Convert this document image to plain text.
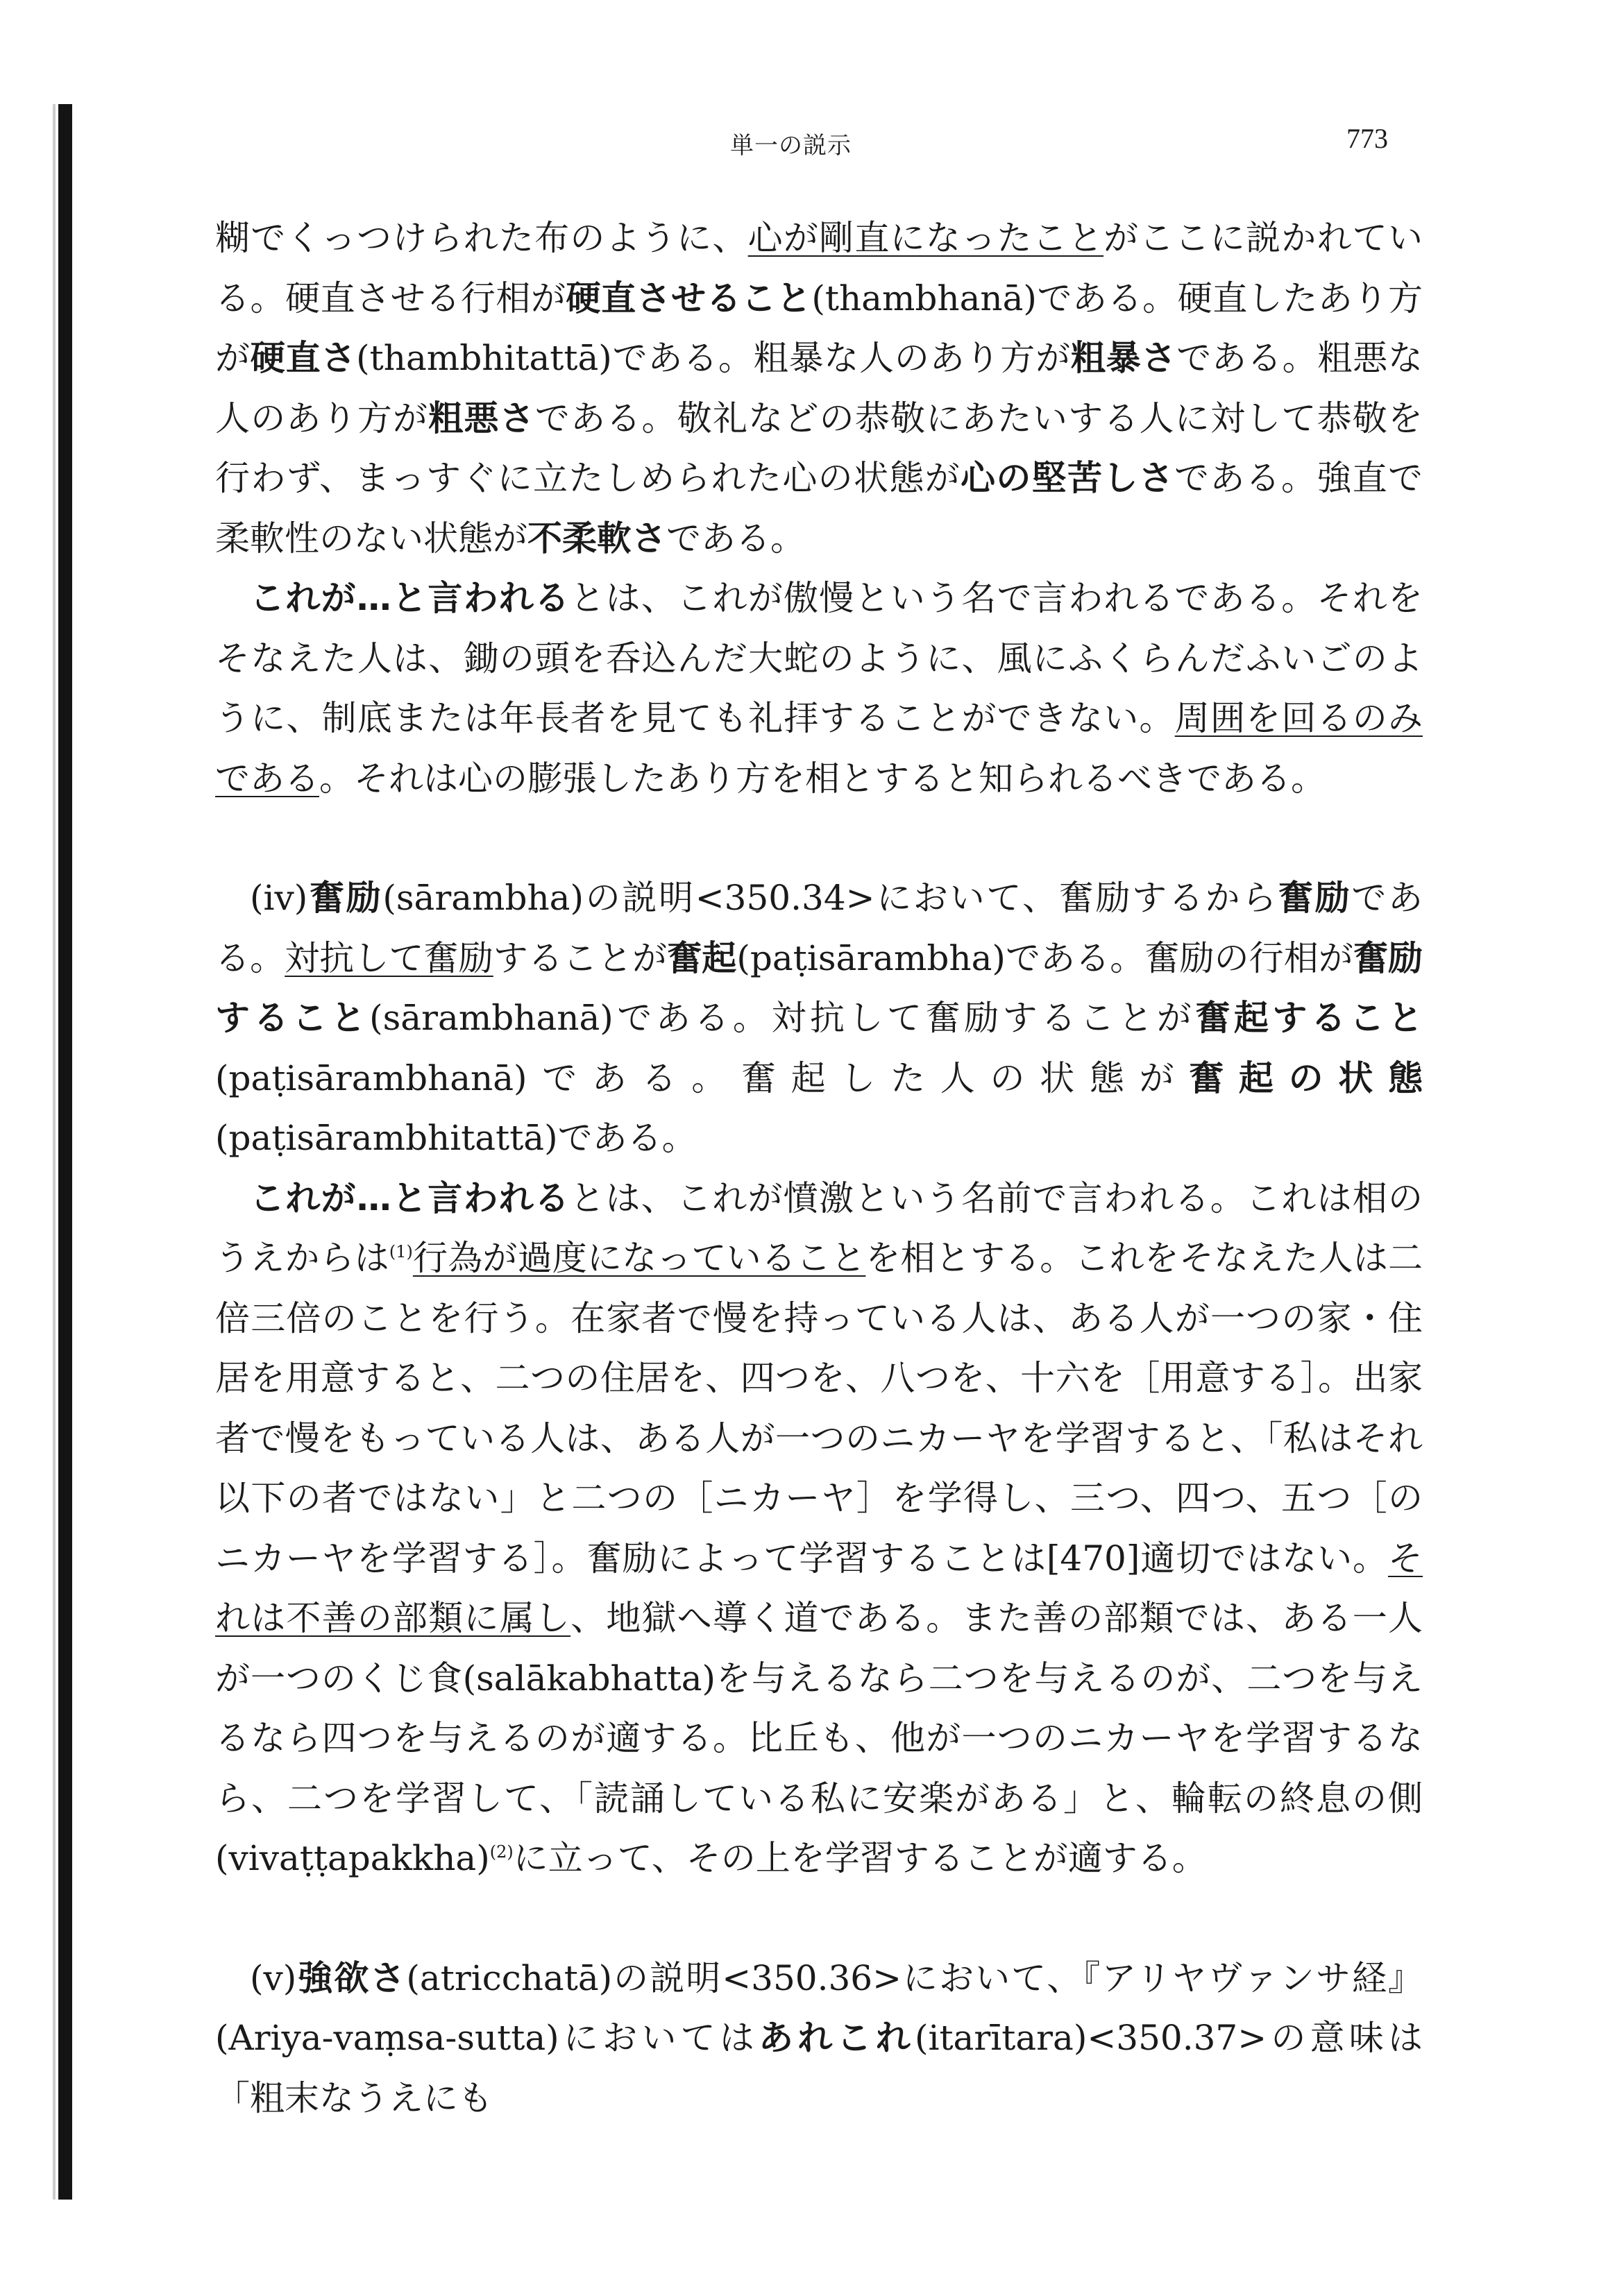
単一の説示	773

糊でくっつけられた布のように、心が剛直になったことがここに説かれている。硬直させる行相が硬直させること(thambhanā)である。硬直したあり方が硬直さ(thambhitattā)である。粗暴な人のあり方が粗暴さである。粗悪な人のあり方が粗悪さである。敬礼などの恭敬にあたいする人に対して恭敬を行わず、まっすぐに立たしめられた心の状態が心の堅苦しさである。強直で柔軟性のない状態が不柔軟さである。

これが…と言われるとは、これが傲慢という名で言われるである。それをそなえた人は、鋤の頭を呑込んだ大蛇のように、風にふくらんだふいごのように、制底または年長者を見ても礼拝することができない。周囲を回るのみである。それは心の膨張したあり方を相とすると知られるべきである。

(iv)奮励(sārambha)の説明<350.34>において、奮励するから奮励である。対抗して奮励することが奮起(paṭisārambha)である。奮励の行相が奮励すること(sārambhanā)である。対抗して奮励することが奮起すること(paṭisārambhanā)である。奮起した人の状態が奮起の状態(paṭisārambhitattā)である。

これが…と言われるとは、これが憤激という名前で言われる。これは相のうえからは$^{(1)}$行為が過度になっていることを相とする。これをそなえた人は二倍三倍のことを行う。在家者で慢を持っている人は、ある人が一つの家・住居を用意すると、二つの住居を、四つを、八つを、十六を［用意する］。出家者で慢をもっている人は、ある人が一つのニカーヤを学習すると、「私はそれ以下の者ではない」と二つの［ニカーヤ］を学得し、三つ、四つ、五つ［のニカーヤを学習する］。奮励によって学習することは[470]適切ではない。それは不善の部類に属し、地獄へ導く道である。また善の部類では、ある一人が一つのくじ食(salākabhatta)を与えるなら二つを与えるのが、二つを与えるなら四つを与えるのが適する。比丘も、他が一つのニカーヤを学習するなら、二つを学習して、「読誦している私に安楽がある」と、輪転の終息の側(vivaṭṭapakkha)$^{(2)}$に立って、その上を学習することが適する。

(v)強欲さ(atricchatā)の説明<350.36>において、『アリヤヴァンサ経』(Ariya-vaṃsa-sutta)においてはあれこれ(itarītara)<350.37>の意味は「粗末なうえにも
